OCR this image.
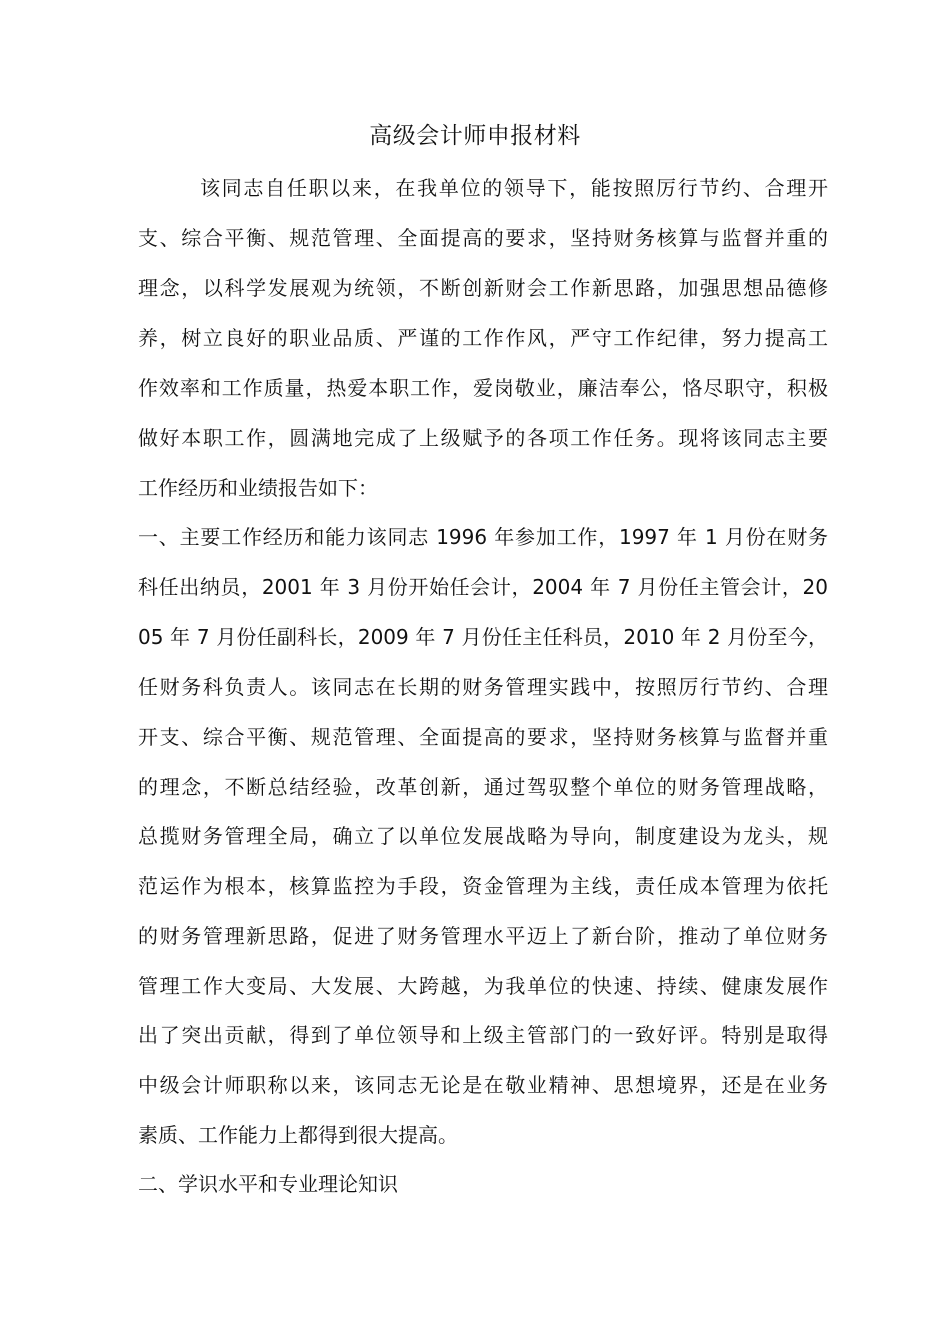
高级会计师申报材料
该同志自任职以来，在我单位的领导下，能按照厉行节约、合理开
支、综合平衡、规范管理、全面提高的要求，坚持财务核算与监督并重的
理念，以科学发展观为统领，不断创新财会工作新思路，加强思想品德修
养，树立良好的职业品质、严谨的工作作风，严守工作纪律，努力提高工
作效率和工作质量，热爱本职工作，爱岗敬业，廉洁奉公，恪尽职守，积极
做好本职工作，圆满地完成了上级赋予的各项工作任务。现将该同志主要
工作经历和业绩报告如下：
一、主要工作经历和能力该同志 1996 年参加工作，1997 年 1 月份在财务
科任出纳员，2001 年 3 月份开始任会计，2004 年 7 月份任主管会计，20
05 年 7 月份任副科长，2009 年 7 月份任主任科员，2010 年 2 月份至今，
任财务科负责人。该同志在长期的财务管理实践中，按照厉行节约、合理
开支、综合平衡、规范管理、全面提高的要求，坚持财务核算与监督并重
的理念，不断总结经验，改革创新，通过驾驭整个单位的财务管理战略，
总揽财务管理全局，确立了以单位发展战略为导向，制度建设为龙头，规
范运作为根本，核算监控为手段，资金管理为主线，责任成本管理为依托
的财务管理新思路，促进了财务管理水平迈上了新台阶，推动了单位财务
管理工作大变局、大发展、大跨越，为我单位的快速、持续、健康发展作
出了突出贡献，得到了单位领导和上级主管部门的一致好评。特别是取得
中级会计师职称以来，该同志无论是在敬业精神、思想境界，还是在业务
素质、工作能力上都得到很大提高。
二、学识水平和专业理论知识
